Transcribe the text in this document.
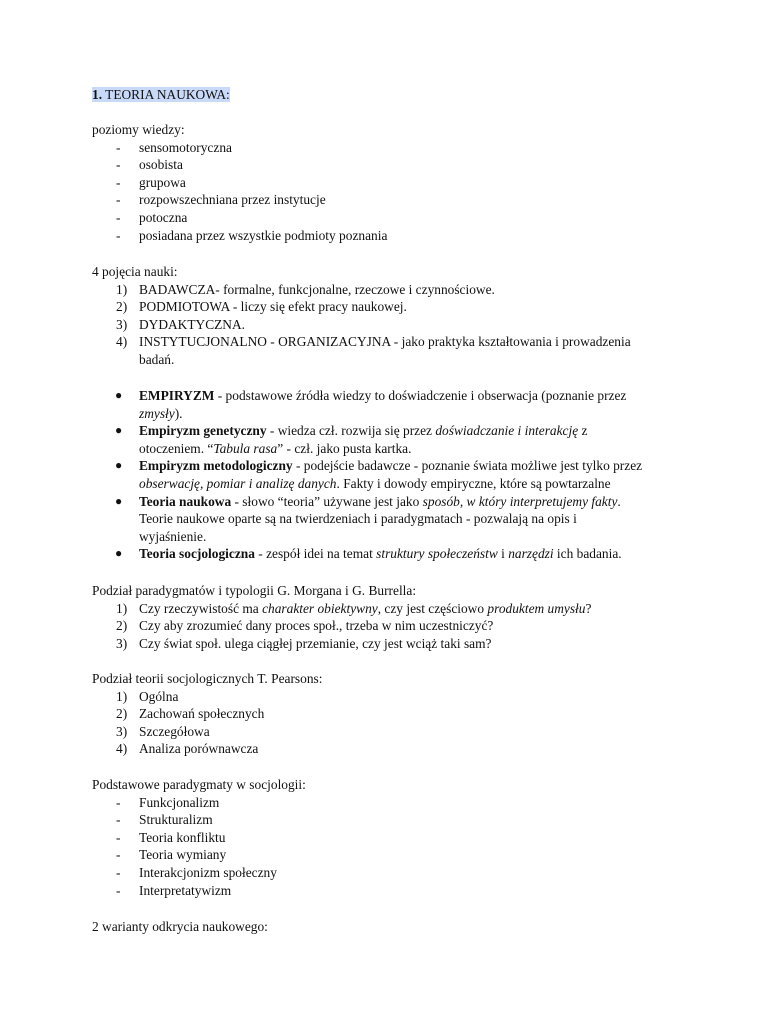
1. TEORIA NAUKOWA:
poziomy wiedzy:
- sensomotoryczna
- osobista
- grupowa
- rozpowszechniana przez instytucje
- potoczna
- posiadana przez wszystkie podmioty poznania
4 pojęcia nauki:
1) BADAWCZA- formalne, funkcjonalne, rzeczowe i czynnościowe.
2) PODMIOTOWA - liczy się efekt pracy naukowej.
3) DYDAKTYCZNA.
4) INSTYTUCJONALNO - ORGANIZACYJNA - jako praktyka kształtowania i prowadzenia
badań.
● EMPIRYZM - podstawowe źródła wiedzy to doświadczenie i obserwacja (poznanie przez
zmysły).
● Empiryzm genetyczny - wiedza czł. rozwija się przez doświadczanie i interakcję z
otoczeniem. “Tabula rasa” - czł. jako pusta kartka.
● Empiryzm metodologiczny - podejście badawcze - poznanie świata możliwe jest tylko przez
obserwację, pomiar i analizę danych. Fakty i dowody empiryczne, które są powtarzalne
● Teoria naukowa - słowo “teoria” używane jest jako sposób, w który interpretujemy fakty.
Teorie naukowe oparte są na twierdzeniach i paradygmatach - pozwalają na opis i
wyjaśnienie.
● Teoria socjologiczna - zespół idei na temat struktury społeczeństw i narzędzi ich badania.
Podział paradygmatów i typologii G. Morgana i G. Burrella:
1) Czy rzeczywistość ma charakter obiektywny, czy jest częściowo produktem umysłu?
2) Czy aby zrozumieć dany proces społ., trzeba w nim uczestniczyć?
3) Czy świat społ. ulega ciągłej przemianie, czy jest wciąż taki sam?
Podział teorii socjologicznych T. Pearsons:
1) Ogólna
2) Zachowań społecznych
3) Szczegółowa
4) Analiza porównawcza
Podstawowe paradygmaty w socjologii:
- Funkcjonalizm
- Strukturalizm
- Teoria konfliktu
- Teoria wymiany
- Interakcjonizm społeczny
- Interpretatywizm
2 warianty odkrycia naukowego:
